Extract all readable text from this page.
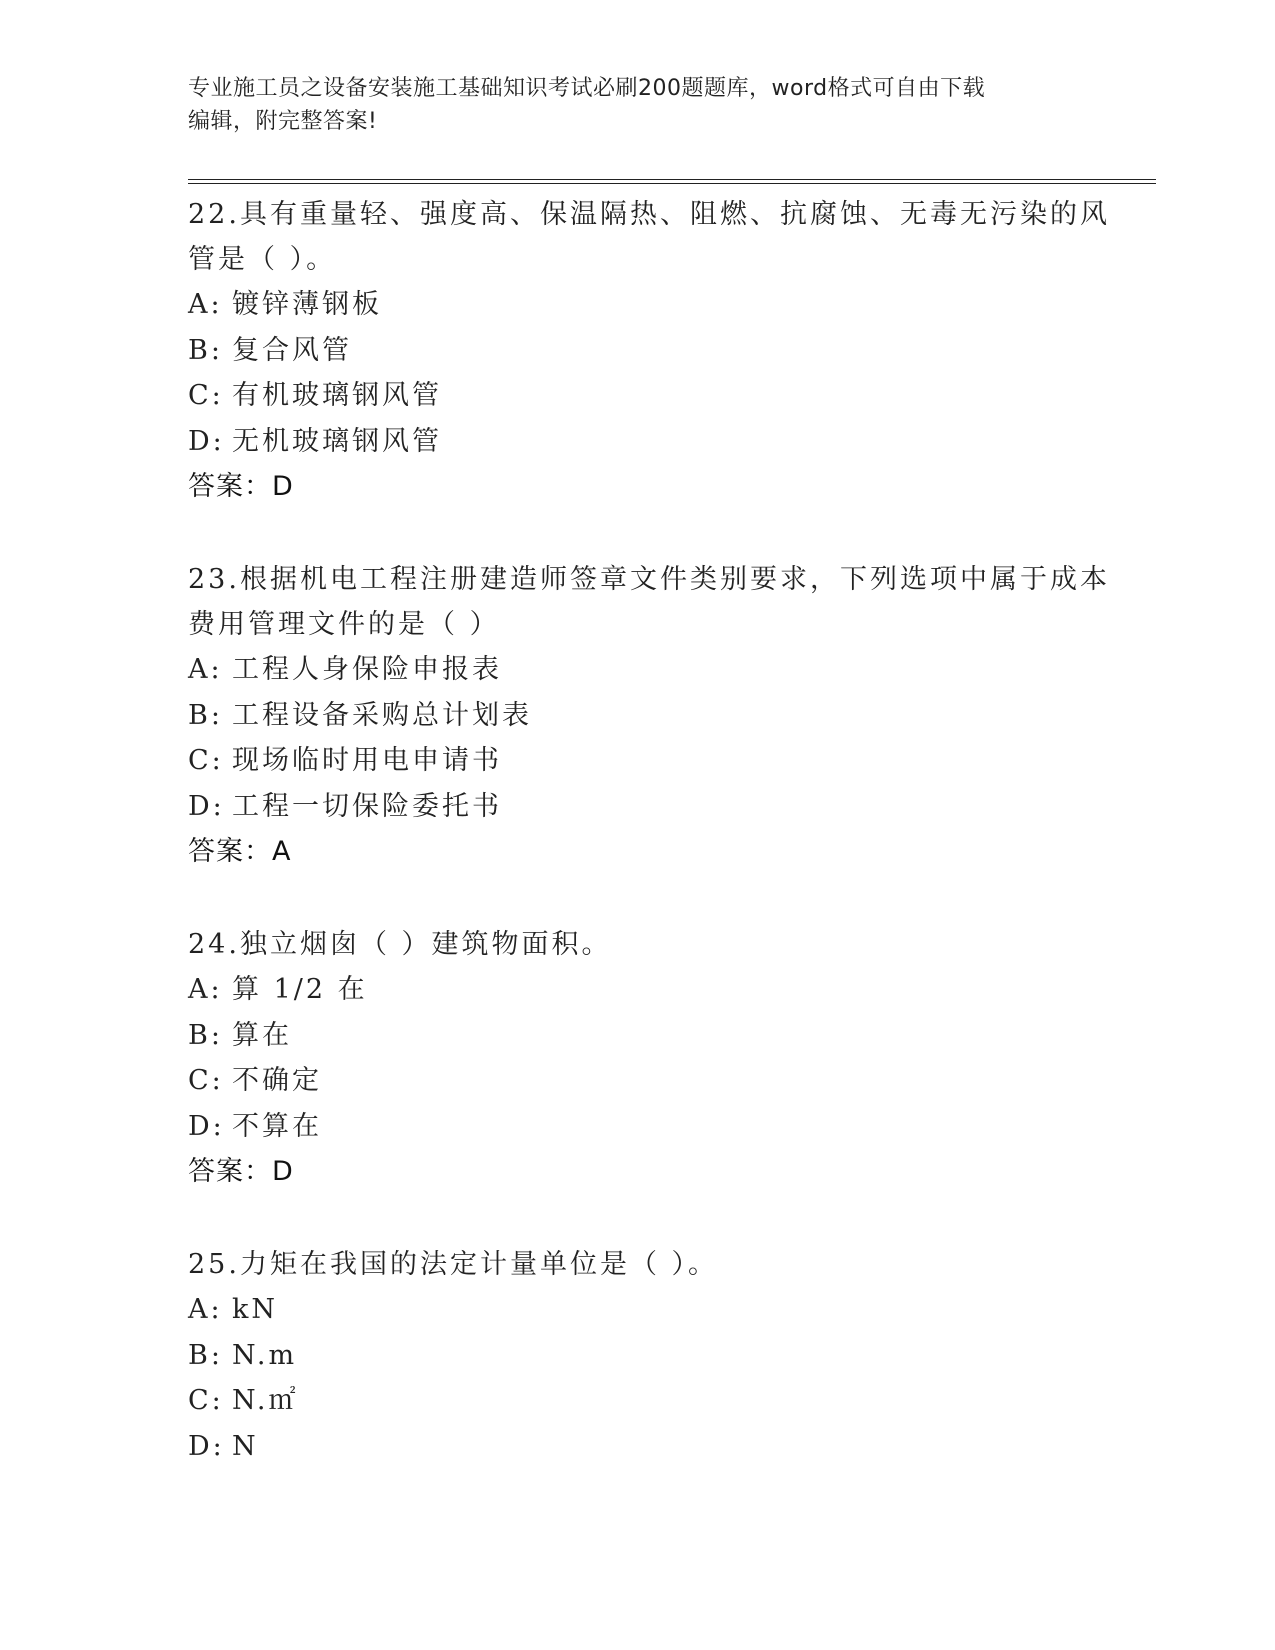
专业施工员之设备安装施工基础知识考试必刷200题题库，word格式可自由下载
编辑，附完整答案!
22.具有重量轻、强度高、保温隔热、阻燃、抗腐蚀、无毒无污染的风
管是（ ）。
A: 镀锌薄钢板
B: 复合风管
C: 有机玻璃钢风管
D: 无机玻璃钢风管
答案：D
23.根据机电工程注册建造师签章文件类别要求，下列选项中属于成本
费用管理文件的是（ ）
A: 工程人身保险申报表
B: 工程设备采购总计划表
C: 现场临时用电申请书
D: 工程一切保险委托书
答案：A
24.独立烟囱（ ）建筑物面积。
A: 算 1/2 在
B: 算在
C: 不确定
D: 不算在
答案：D
25.力矩在我国的法定计量单位是（ ）。
A: kN
B: N.m
C: N.㎡
D: N
